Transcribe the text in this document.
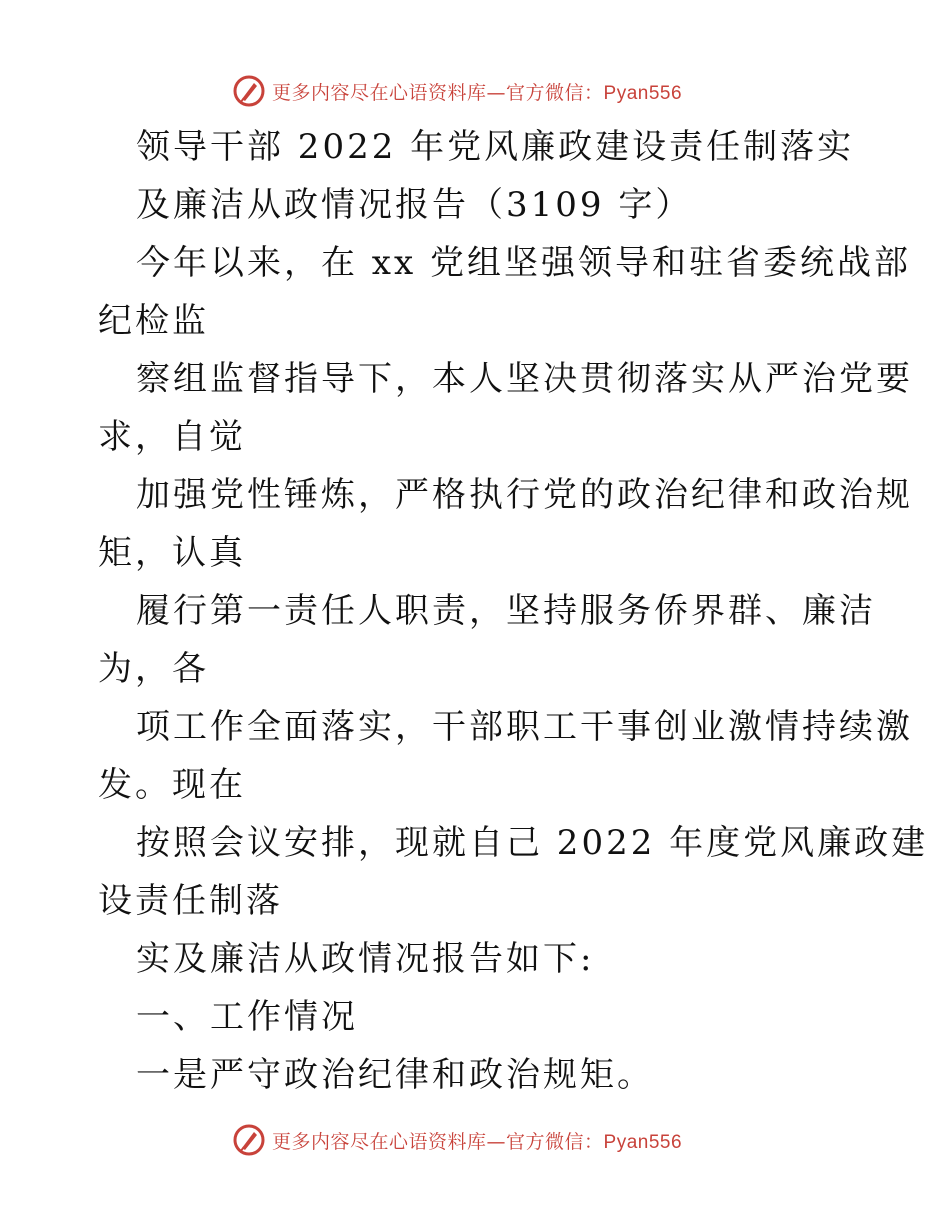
更多内容尽在心语资料库—官方微信：Pyan556
领导干部 2022 年党风廉政建设责任制落实
及廉洁从政情况报告（3109 字）
今年以来，在 xx 党组坚强领导和驻省委统战部
纪检监
察组监督指导下，本人坚决贯彻落实从严治党要
求，自觉
加强党性锤炼，严格执行党的政治纪律和政治规
矩，认真
履行第一责任人职责，坚持服务侨界群、廉洁
为，各
项工作全面落实，干部职工干事创业激情持续激
发。现在
按照会议安排，现就自己 2022 年度党风廉政建
设责任制落
实及廉洁从政情况报告如下:
一、工作情况
一是严守政治纪律和政治规矩。
更多内容尽在心语资料库—官方微信：Pyan556
